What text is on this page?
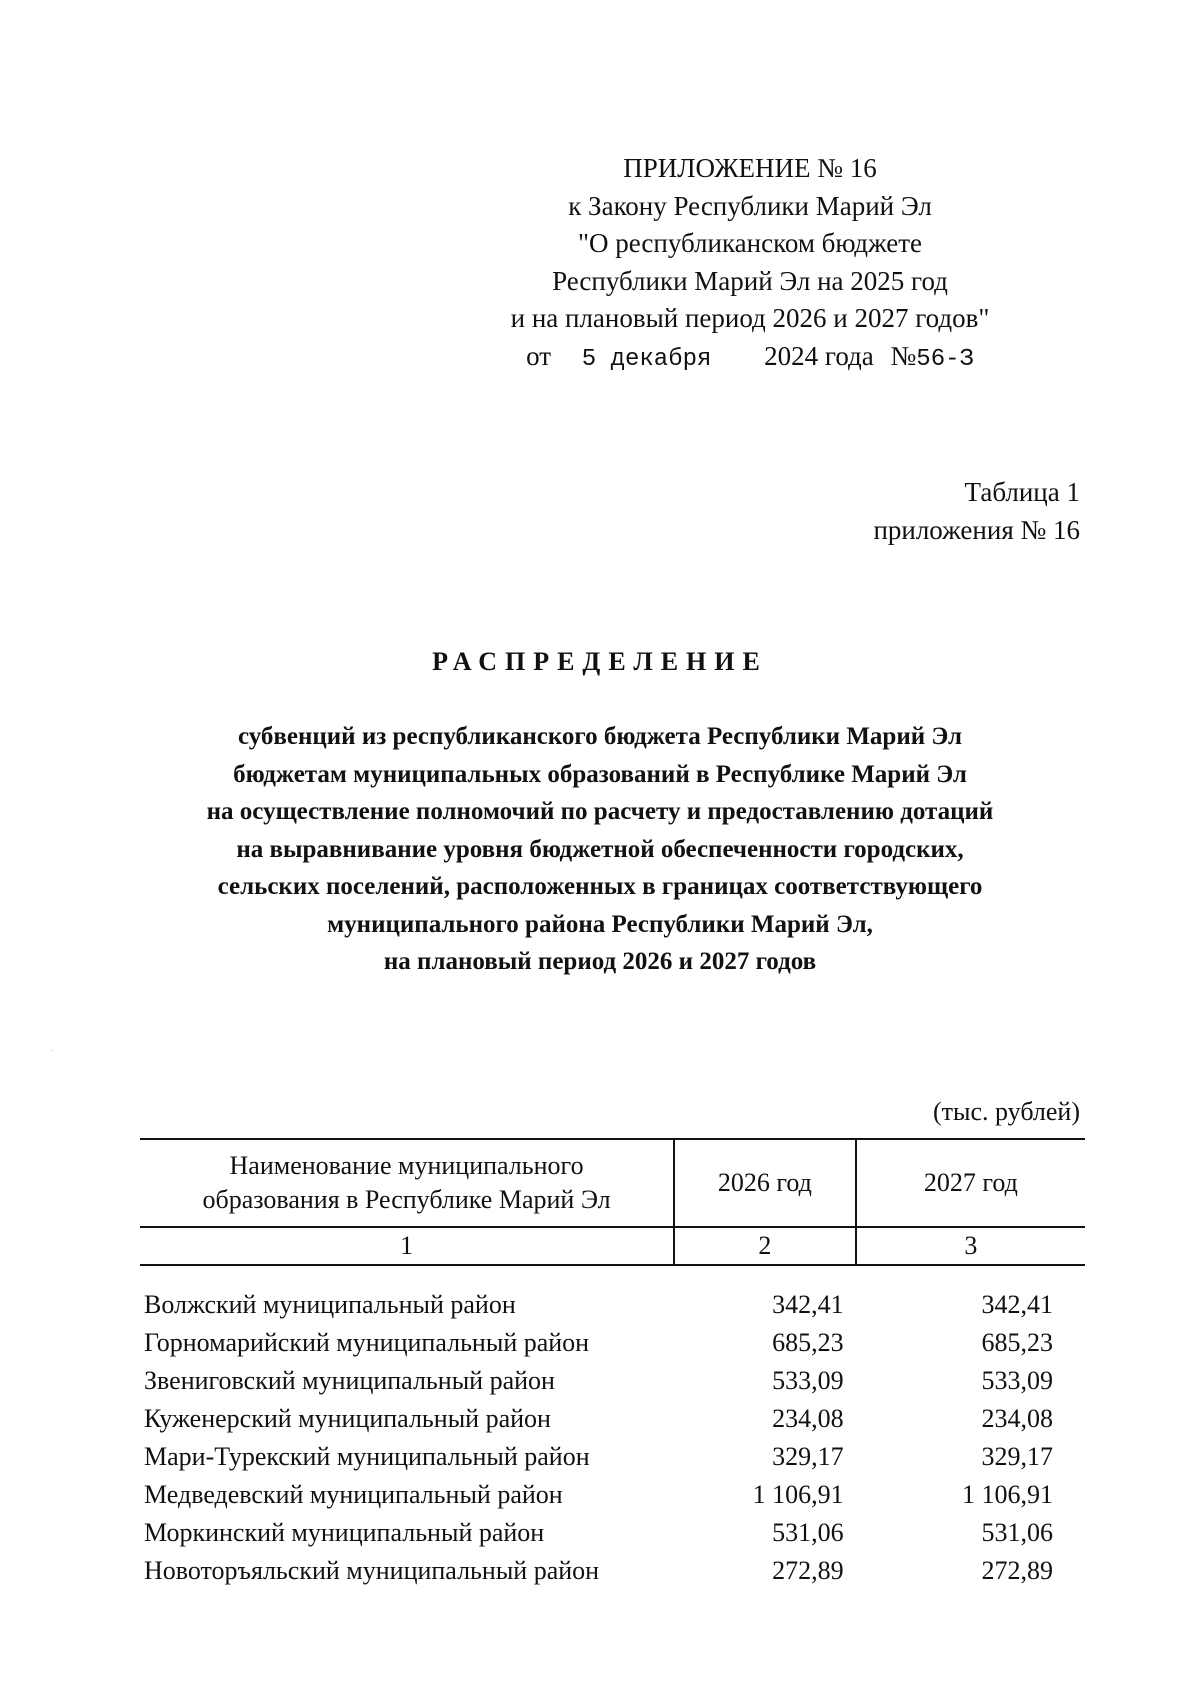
ПРИЛОЖЕНИЕ № 16
к Закону Республики Марий Эл
"О республиканском бюджете
Республики Марий Эл на 2025 год
и на плановый период 2026 и 2027 годов"
от 5 декабря 2024 года №56-З
Таблица 1
приложения № 16
РАСПРЕДЕЛЕНИЕ
субвенций из республиканского бюджета Республики Марий Эл
бюджетам муниципальных образований в Республике Марий Эл
на осуществление полномочий по расчету и предоставлению дотаций
на выравнивание уровня бюджетной обеспеченности городских,
сельских поселений, расположенных в границах соответствующего
муниципального района Республики Марий Эл,
на плановый период 2026 и 2027 годов
(тыс. рублей)
Наименование муниципального
образования в Республике Марий Эл	2026 год	2027 год
1	2	3

Волжский муниципальный район	342,41	342,41
Горномарийский муниципальный район	685,23	685,23
Звениговский муниципальный район	533,09	533,09
Куженерский муниципальный район	234,08	234,08
Мари-Турекский муниципальный район	329,17	329,17
Медведевский муниципальный район	1 106,91	1 106,91
Моркинский муниципальный район	531,06	531,06
Новоторъяльский муниципальный район	272,89	272,89
